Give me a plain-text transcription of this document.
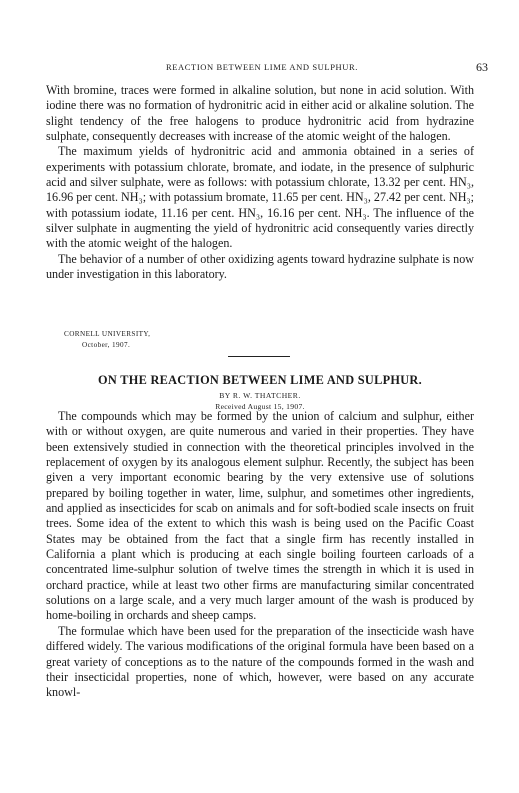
REACTION BETWEEN LIME AND SULPHUR.	63

With bromine, traces were formed in alkaline solution, but none in acid solution. With iodine there was no formation of hydronitric acid in either acid or alkaline solution. The slight tendency of the free halogens to produce hydronitric acid from hydrazine sulphate, consequently decreases with increase of the atomic weight of the halogen.

The maximum yields of hydronitric acid and ammonia obtained in a series of experiments with potassium chlorate, bromate, and iodate, in the presence of sulphuric acid and silver sulphate, were as follows: with potassium chlorate, 13.32 per cent. HN₃, 16.96 per cent. NH₃; with potassium bromate, 11.65 per cent. HN₃, 27.42 per cent. NH₃; with potassium iodate, 11.16 per cent. HN₃, 16.16 per cent. NH₃. The influence of the silver sulphate in augmenting the yield of hydronitric acid consequently varies directly with the atomic weight of the halogen.

The behavior of a number of other oxidizing agents toward hydrazine sulphate is now under investigation in this laboratory.

CORNELL UNIVERSITY,
October, 1907.
ON THE REACTION BETWEEN LIME AND SULPHUR.
BY R. W. THATCHER.
Received August 15, 1907.

The compounds which may be formed by the union of calcium and sulphur, either with or without oxygen, are quite numerous and varied in their properties. They have been extensively studied in connection with the theoretical principles involved in the replacement of oxygen by its analogous element sulphur. Recently, the subject has been given a very important economic bearing by the very extensive use of solutions prepared by boiling together in water, lime, sulphur, and sometimes other ingredients, and applied as insecticides for scab on animals and for soft-bodied scale insects on fruit trees. Some idea of the extent to which this wash is being used on the Pacific Coast States may be obtained from the fact that a single firm has recently installed in California a plant which is producing at each single boiling fourteen carloads of a concentrated lime-sulphur solution of twelve times the strength in which it is used in orchard practice, while at least two other firms are manufacturing similar concentrated solutions on a large scale, and a very much larger amount of the wash is produced by home-boiling in orchards and sheep camps.

The formulae which have been used for the preparation of the insecticide wash have differed widely. The various modifications of the original formula have been based on a great variety of conceptions as to the nature of the compounds formed in the wash and their insecticidal properties, none of which, however, were based on any accurate knowl-
